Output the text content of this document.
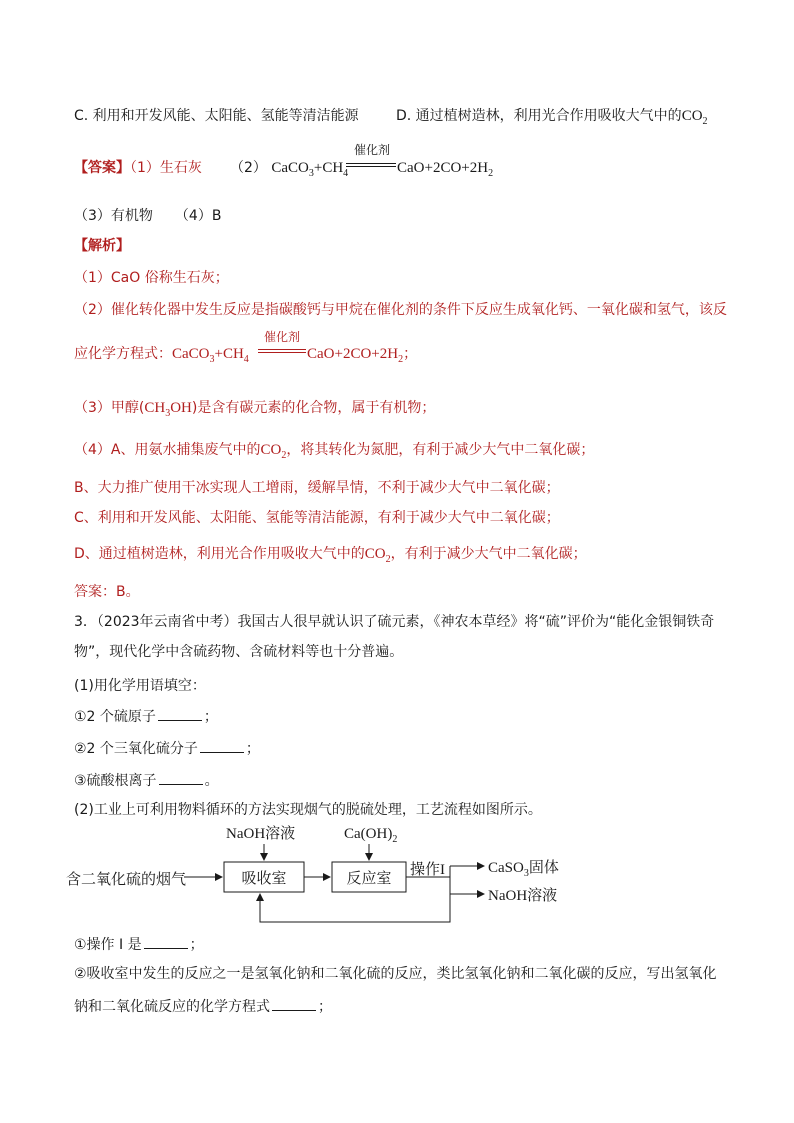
C. 利用和开发风能、太阳能、氢能等清洁能源	D. 通过植树造林，利用光合作用吸收大气中的$CO_2$
【答案】（1）生石灰 （2） $CaCO_3+CH_4$
催化剂
$CaO+2CO+2H_2$
（3）有机物 （4）B
【解析】
（1）CaO 俗称生石灰；
（2）催化转化器中发生反应是指碳酸钙与甲烷在催化剂的条件下反应生成氧化钙、一氧化碳和氢气，该反
应化学方程式：$CaCO_3+CH_4$
催化剂
$CaO+2CO+2H_2$；
（3）甲醇$(CH_3OH)$是含有碳元素的化合物，属于有机物；
（4）A、用氨水捕集废气中的$CO_2$，将其转化为氮肥，有利于减少大气中二氧化碳；
B、大力推广使用干冰实现人工增雨，缓解旱情，不利于减少大气中二氧化碳；
C、利用和开发风能、太阳能、氢能等清洁能源，有利于减少大气中二氧化碳；
D、通过植树造林，利用光合作用吸收大气中的$CO_2$，有利于减少大气中二氧化碳；
答案：B。
3．（2023年云南省中考）我国古人很早就认识了硫元素，《神农本草经》将“硫”评价为“能化金银铜铁奇
物”，现代化学中含硫药物、含硫材料等也十分普遍。
(1)用化学用语填空：
①2 个硫原子	；
②2 个三氧化硫分子	；
③硫酸根离子	。
(2)工业上可利用物料循环的方法实现烟气的脱硫处理，工艺流程如图所示。
含二氧化硫的烟气
NaOH溶液	$Ca(OH)_2$
操作I	CaSO$_3$固体
NaOH溶液
吸收室	反应室
①操作 I 是	；
②吸收室中发生的反应之一是氢氧化钠和二氧化硫的反应，类比氢氧化钠和二氧化碳的反应，写出氢氧化
钠和二氧化硫反应的化学方程式	；
